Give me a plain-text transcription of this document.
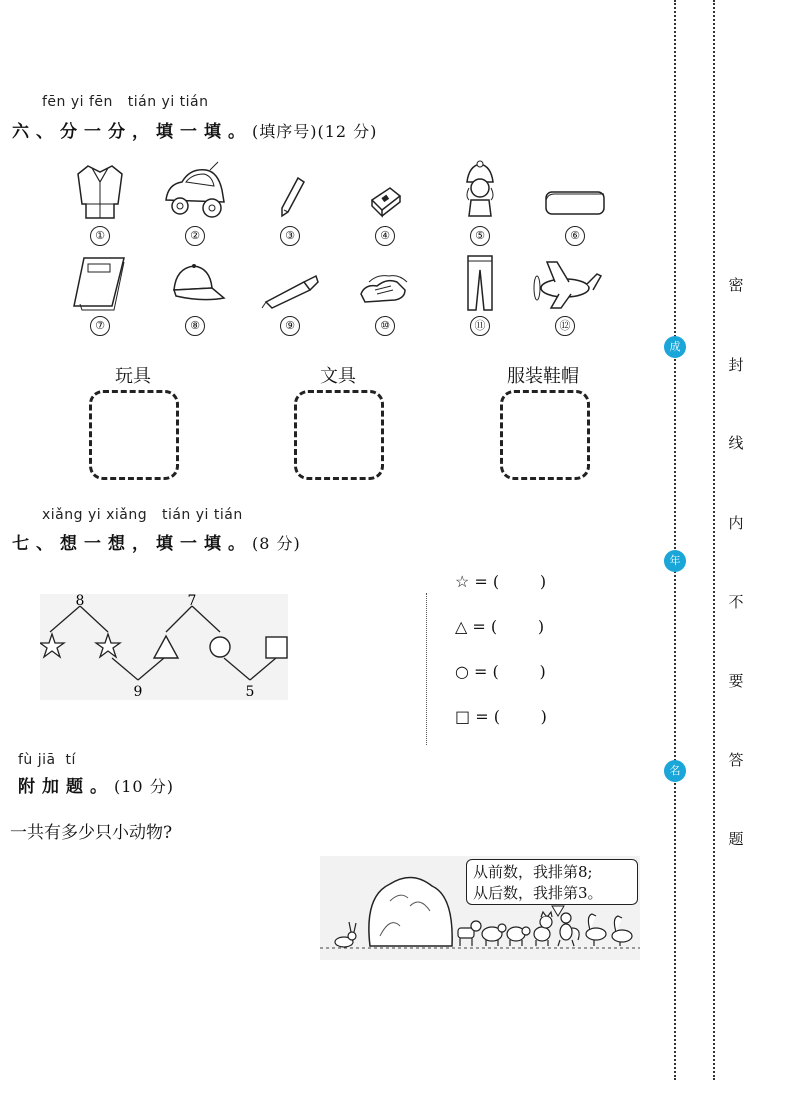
fēn yi fēn   tián yi tián
六、分一分，填一填。(填序号)(12 分)
①	②	③	④	⑤	⑥
⑦	⑧	⑨	⑩	⑪	⑫
玩具	文具	服装鞋帽
xiǎng yi xiǎng   tián yi tián
七、想一想，填一填。(8 分)
8	7
9	5
☆ = (        )
△ = (        )
○ = (        )
□ = (        )
fù jiā  tí
附加题。(10 分)
一共有多少只小动物?
从前数，我排第8;
从后数，我排第3。
成
年
名
密
封
线
内
不
要
答
题
